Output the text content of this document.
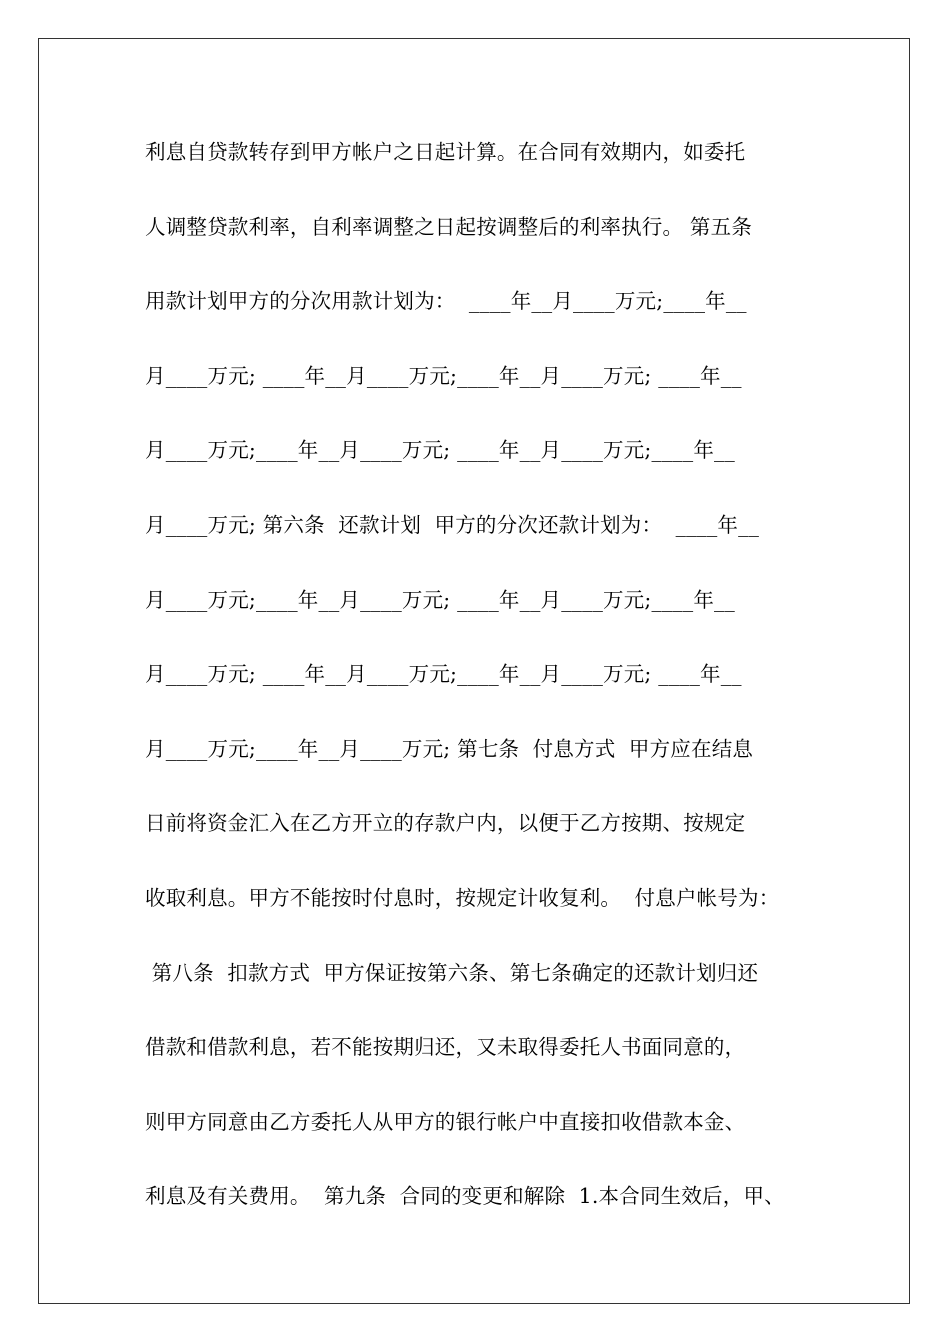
利息自贷款转存到甲方帐户之日起计算。在合同有效期内，如委托
人调整贷款利率，自利率调整之日起按调整后的利率执行。 第五条
用款计划甲方的分次用款计划为：  ____年__月____万元;____年__
月____万元; ____年__月____万元;____年__月____万元; ____年__
月____万元;____年__月____万元; ____年__月____万元;____年__
月____万元; 第六条  还款计划  甲方的分次还款计划为：  ____年__
月____万元;____年__月____万元; ____年__月____万元;____年__
月____万元; ____年__月____万元;____年__月____万元; ____年__
月____万元;____年__月____万元; 第七条  付息方式  甲方应在结息
日前将资金汇入在乙方开立的存款户内，以便于乙方按期、按规定
收取利息。甲方不能按时付息时，按规定计收复利。  付息户帐号为：
第八条  扣款方式  甲方保证按第六条、第七条确定的还款计划归还
借款和借款利息，若不能按期归还，又未取得委托人书面同意的，
则甲方同意由乙方委托人从甲方的银行帐户中直接扣收借款本金、
利息及有关费用。  第九条  合同的变更和解除  1.本合同生效后，甲、
